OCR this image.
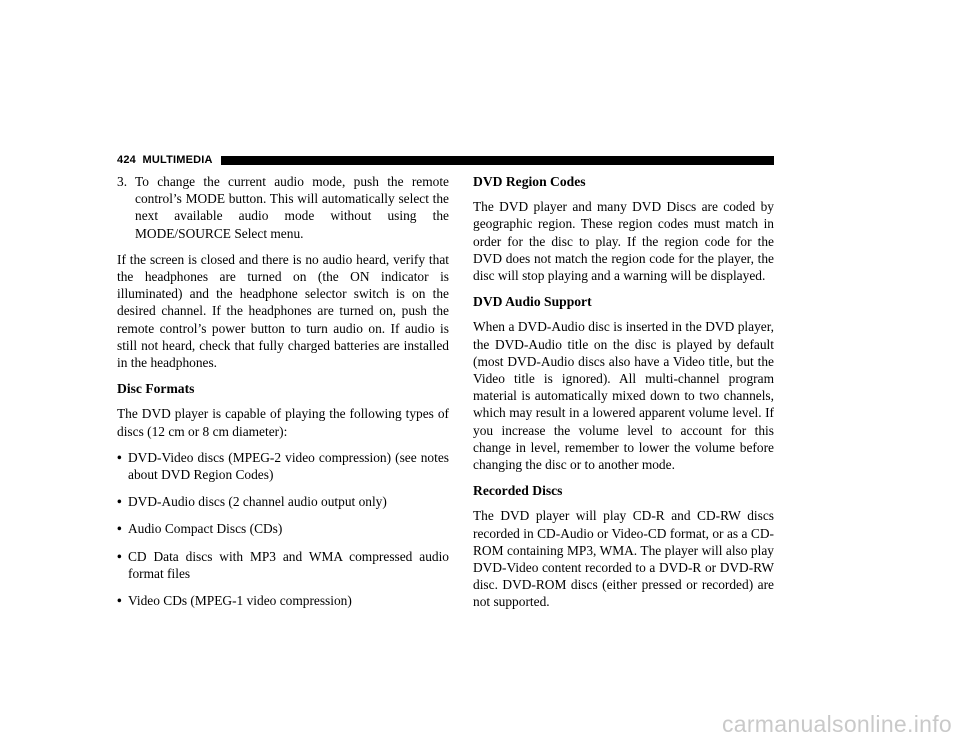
424 MULTIMEDIA
3. To change the current audio mode, push the remote control’s MODE button. This will automatically select the next available audio mode without using the MODE/SOURCE Select menu.

If the screen is closed and there is no audio heard, verify that the headphones are turned on (the ON indicator is illuminated) and the headphone selector switch is on the desired channel. If the headphones are turned on, push the remote control’s power button to turn audio on. If audio is still not heard, check that fully charged batteries are installed in the headphones.

Disc Formats

The DVD player is capable of playing the following types of discs (12 cm or 8 cm diameter):

• DVD-Video discs (MPEG-2 video compression) (see notes about DVD Region Codes)
• DVD-Audio discs (2 channel audio output only)
• Audio Compact Discs (CDs)
• CD Data discs with MP3 and WMA compressed audio format files
• Video CDs (MPEG-1 video compression)
DVD Region Codes

The DVD player and many DVD Discs are coded by geographic region. These region codes must match in order for the disc to play. If the region code for the DVD does not match the region code for the player, the disc will stop playing and a warning will be displayed.

DVD Audio Support

When a DVD-Audio disc is inserted in the DVD player, the DVD-Audio title on the disc is played by default (most DVD-Audio discs also have a Video title, but the Video title is ignored). All multi-channel program material is automatically mixed down to two channels, which may result in a lowered apparent volume level. If you increase the volume level to account for this change in level, remember to lower the volume before changing the disc or to another mode.

Recorded Discs

The DVD player will play CD-R and CD-RW discs recorded in CD-Audio or Video-CD format, or as a CD-ROM containing MP3, WMA. The player will also play DVD-Video content recorded to a DVD-R or DVD-RW disc. DVD-ROM discs (either pressed or recorded) are not supported.

carmanualsonline.info
